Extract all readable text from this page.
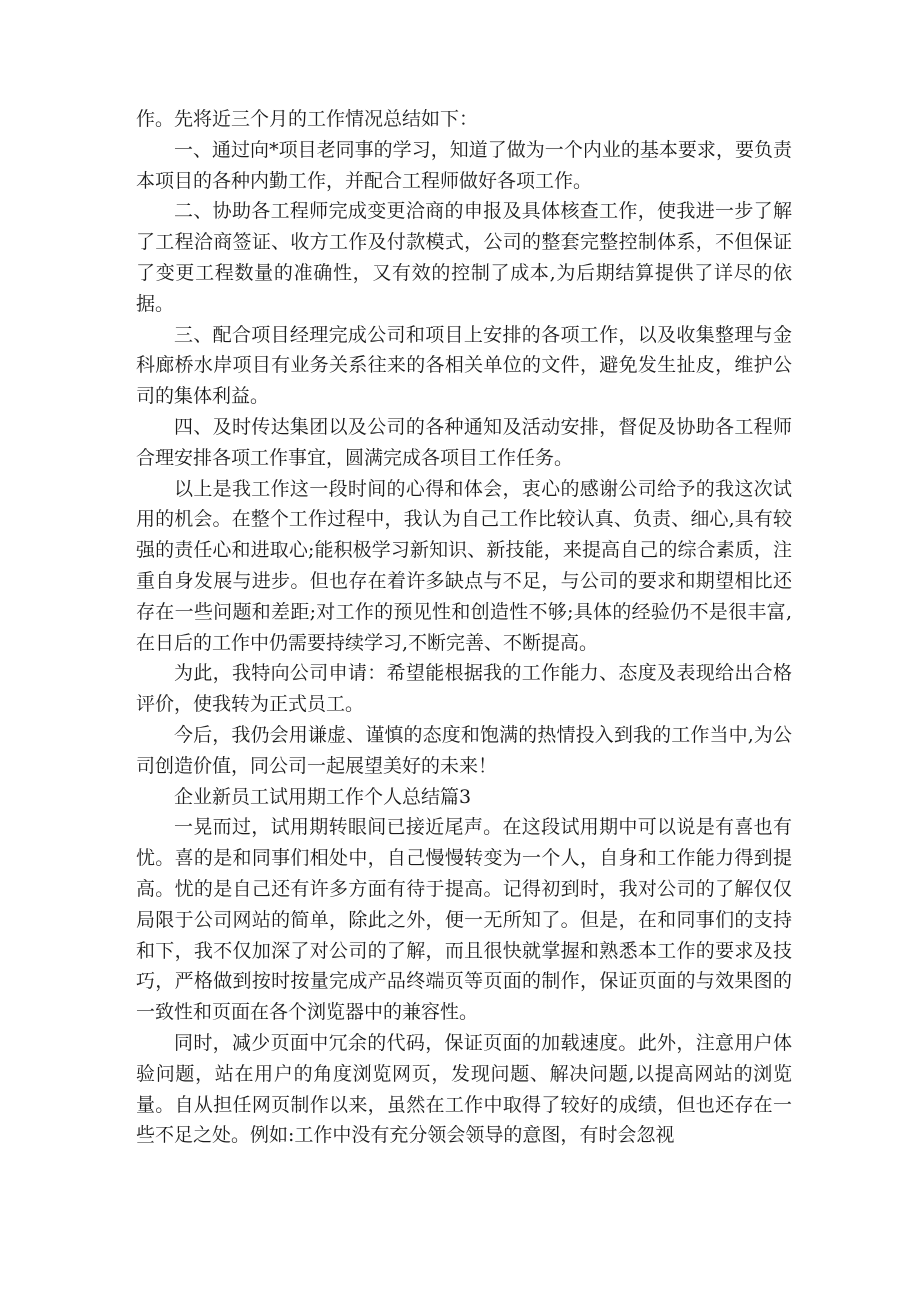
作。先将近三个月的工作情况总结如下：

一、通过向*项目老同事的学习，知道了做为一个内业的基本要求，要负责本项目的各种内勤工作，并配合工程师做好各项工作。

二、协助各工程师完成变更洽商的申报及具体核查工作，使我进一步了解了工程洽商签证、收方工作及付款模式，公司的整套完整控制体系，不但保证了变更工程数量的准确性，又有效的控制了成本,为后期结算提供了详尽的依据。

三、配合项目经理完成公司和项目上安排的各项工作，以及收集整理与金科廊桥水岸项目有业务关系往来的各相关单位的文件，避免发生扯皮，维护公司的集体利益。

四、及时传达集团以及公司的各种通知及活动安排，督促及协助各工程师合理安排各项工作事宜，圆满完成各项目工作任务。

以上是我工作这一段时间的心得和体会，衷心的感谢公司给予的我这次试用的机会。在整个工作过程中，我认为自己工作比较认真、负责、细心,具有较强的责任心和进取心;能积极学习新知识、新技能，来提高自己的综合素质，注重自身发展与进步。但也存在着许多缺点与不足，与公司的要求和期望相比还存在一些问题和差距;对工作的预见性和创造性不够;具体的经验仍不是很丰富,在日后的工作中仍需要持续学习,不断完善、不断提高。

为此，我特向公司申请：希望能根据我的工作能力、态度及表现给出合格评价，使我转为正式员工。

今后，我仍会用谦虚、谨慎的态度和饱满的热情投入到我的工作当中,为公司创造价值，同公司一起展望美好的未来！

企业新员工试用期工作个人总结篇3

一晃而过，试用期转眼间已接近尾声。在这段试用期中可以说是有喜也有忧。喜的是和同事们相处中，自己慢慢转变为一个人，自身和工作能力得到提高。忧的是自己还有许多方面有待于提高。记得初到时，我对公司的了解仅仅局限于公司网站的简单，除此之外，便一无所知了。但是，在和同事们的支持和下，我不仅加深了对公司的了解，而且很快就掌握和熟悉本工作的要求及技巧，严格做到按时按量完成产品终端页等页面的制作，保证页面的与效果图的一致性和页面在各个浏览器中的兼容性。

同时，减少页面中冗余的代码，保证页面的加载速度。此外，注意用户体验问题，站在用户的角度浏览网页，发现问题、解决问题,以提高网站的浏览量。自从担任网页制作以来，虽然在工作中取得了较好的成绩，但也还存在一些不足之处。例如:工作中没有充分领会领导的意图，有时会忽视
